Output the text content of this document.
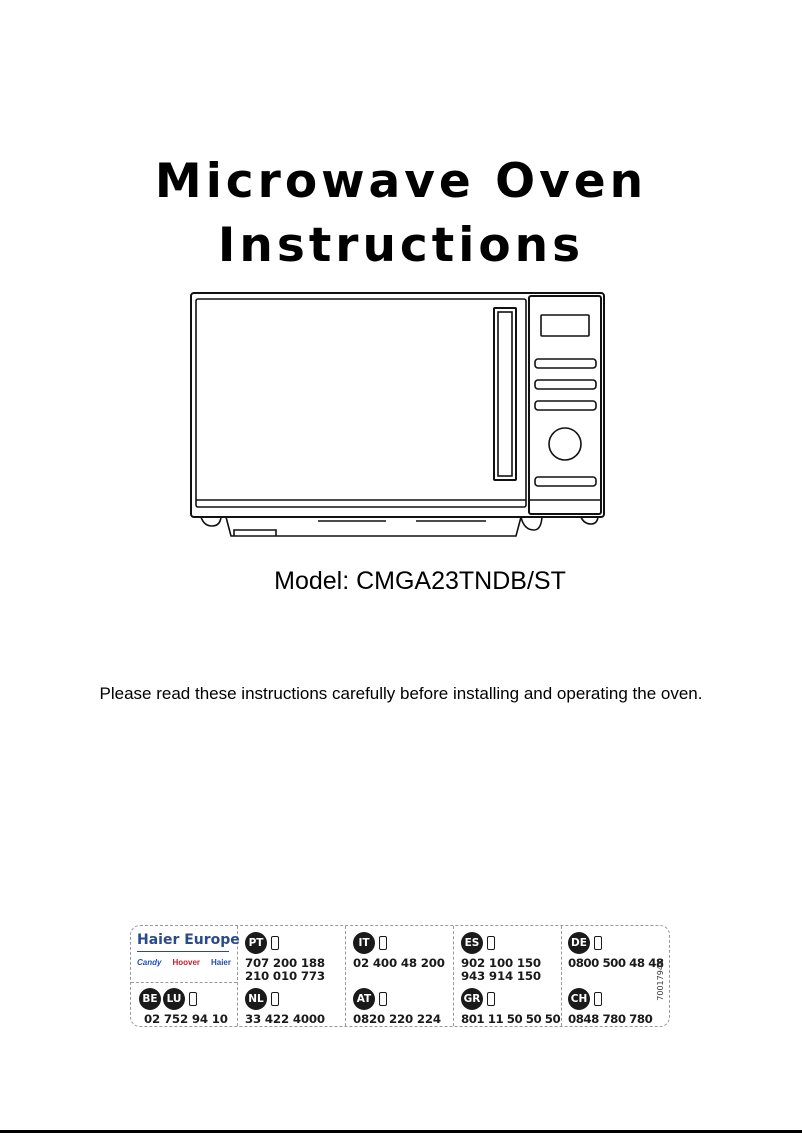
Microwave Oven
Instructions
Model: CMGA23TNDB/ST
Please read these instructions carefully before installing and operating the oven.
Haier Europe
Candy Hoover Haier
BE LU
02 752 94 10
PT
707 200 188
210 010 773
NL
33 422 4000
IT
02 400 48 200
AT
0820 220 224
ES
902 100 150
943 914 150
GR
801 11 50 50 50
DE
0800 500 48 48
CH
0848 780 780
70017948
